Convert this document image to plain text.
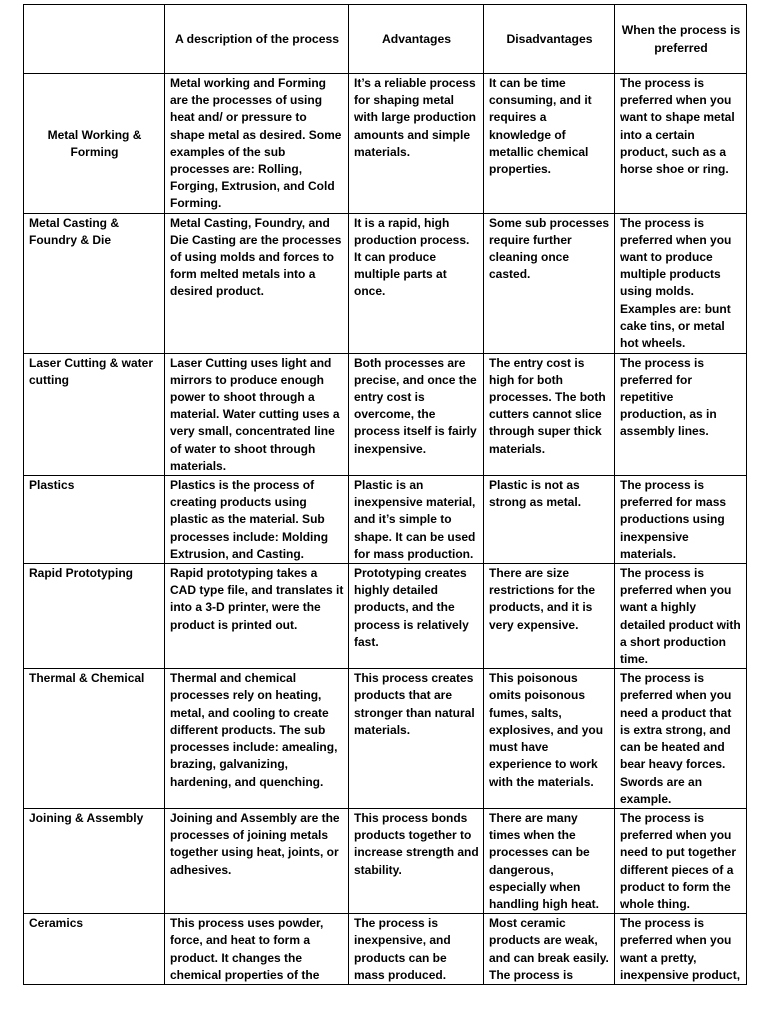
	A description of the process	Advantages	Disadvantages	When the process is preferred
Metal Working & Forming	Metal working and Forming are the processes of using heat and/ or pressure to shape metal as desired. Some examples of the sub processes are: Rolling, Forging, Extrusion, and Cold Forming.	It’s a reliable process for shaping metal with large production amounts and simple materials.	It can be time consuming, and it requires a knowledge of metallic chemical properties.	The process is preferred when you want to shape metal into a certain product, such as a horse shoe or ring.
Metal Casting & Foundry & Die	Metal Casting, Foundry, and Die Casting are the processes of using molds and forces to form melted metals into a desired product.	It is a rapid, high production process. It can produce multiple parts at once.	Some sub processes require further cleaning once casted.	The process is preferred when you want to produce multiple products using molds. Examples are: bunt cake tins, or metal hot wheels.
Laser Cutting & water cutting	Laser Cutting uses light and mirrors to produce enough power to shoot through a material. Water cutting uses a very small, concentrated line of water to shoot through materials.	Both processes are precise, and once the entry cost is overcome, the process itself is fairly inexpensive.	The entry cost is high for both processes. The both cutters cannot slice through super thick materials.	The process is preferred for repetitive production, as in assembly lines.
Plastics	Plastics is the process of creating products using plastic as the material. Sub processes include: Molding Extrusion, and Casting.	Plastic is an inexpensive material, and it’s simple to shape. It can be used for mass production.	Plastic is not as strong as metal.	The process is preferred for mass productions using inexpensive materials.
Rapid Prototyping	Rapid prototyping takes a CAD type file, and translates it into a 3-D printer, were the product is printed out.	Prototyping creates highly detailed products, and the process is relatively fast.	There are size restrictions for the products, and it is very expensive.	The process is preferred when you want a highly detailed product with a short production time.
Thermal & Chemical	Thermal and chemical processes rely on heating, metal, and cooling to create different products. The sub processes include: amealing, brazing, galvanizing, hardening, and quenching.	This process creates products that are stronger than natural materials.	This poisonous omits poisonous fumes, salts, explosives, and you must have experience to work with the materials.	The process is preferred when you need a product that is extra strong, and can be heated and bear heavy forces. Swords are an example.
Joining & Assembly	Joining and Assembly are the processes of joining metals together using heat, joints, or adhesives.	This process bonds products together to increase strength and stability.	There are many times when the processes can be dangerous, especially when handling high heat.	The process is preferred when you need to put together different pieces of a product to form the whole thing.
Ceramics	This process uses powder, force, and heat to form a product. It changes the chemical properties of the	The process is inexpensive, and products can be mass produced.	Most ceramic products are weak, and can break easily. The process is	The process is preferred when you want a pretty, inexpensive product,
